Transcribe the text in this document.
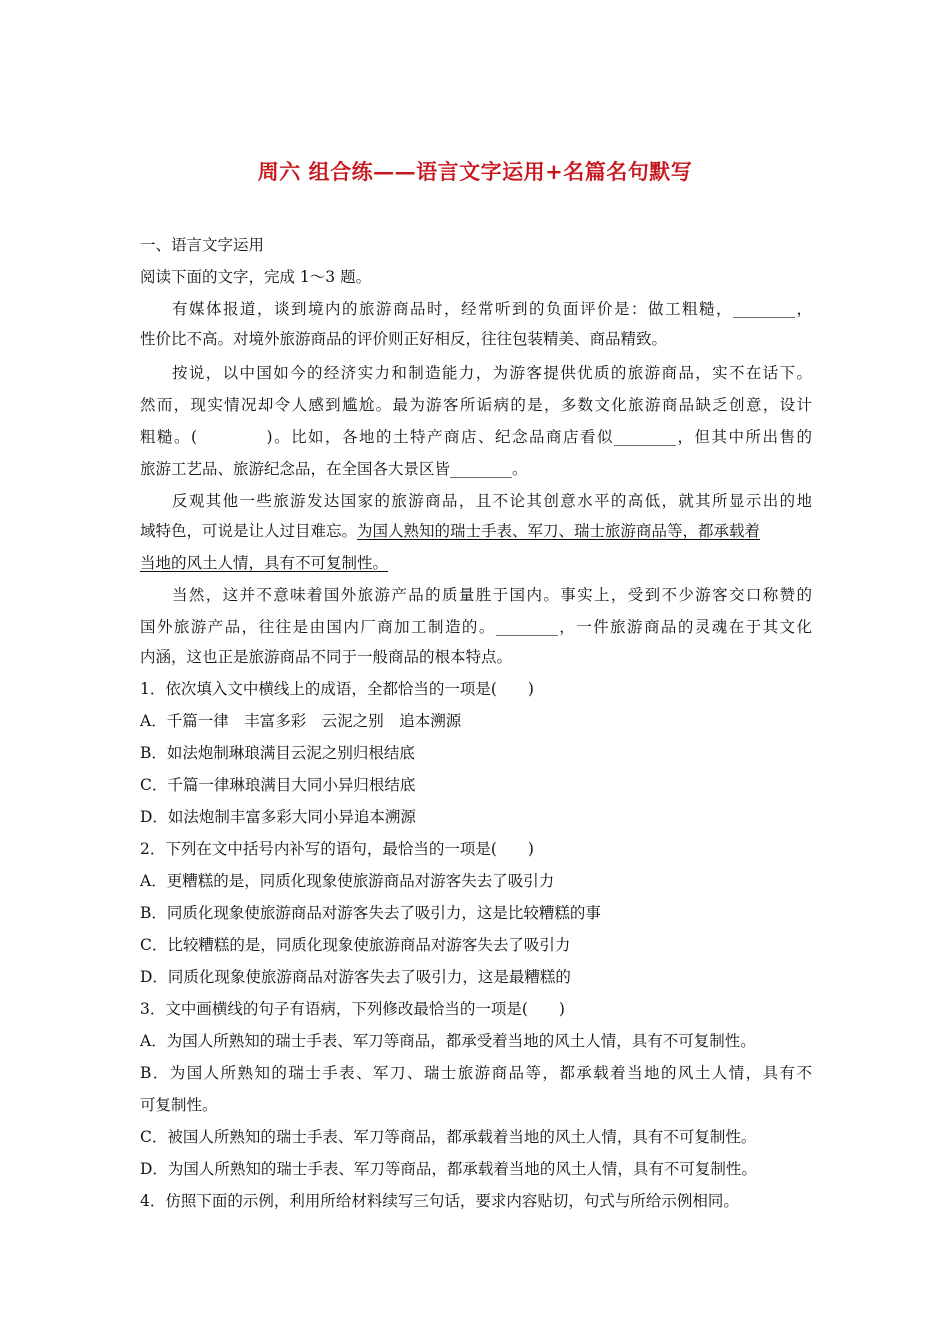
周六 组合练——语言文字运用+名篇名句默写
一、语言文字运用
阅读下面的文字，完成 1～3 题。
有媒体报道，谈到境内的旅游商品时，经常听到的负面评价是：做工粗糙，________，
性价比不高。对境外旅游商品的评价则正好相反，往往包装精美、商品精致。
按说，以中国如今的经济实力和制造能力，为游客提供优质的旅游商品，实不在话下。
然而，现实情况却令人感到尴尬。最为游客所诟病的是，多数文化旅游商品缺乏创意，设计
粗糙。(　　　　)。比如，各地的土特产商店、纪念品商店看似________，但其中所出售的
旅游工艺品、旅游纪念品，在全国各大景区皆________。
反观其他一些旅游发达国家的旅游商品，且不论其创意水平的高低，就其所显示出的地
域特色，可说是让人过目难忘。为国人熟知的瑞士手表、军刀、瑞士旅游商品等，都承载着
当地的风土人情，具有不可复制性。
当然，这并不意味着国外旅游产品的质量胜于国内。事实上，受到不少游客交口称赞的
国外旅游产品，往往是由国内厂商加工制造的。________，一件旅游商品的灵魂在于其文化
内涵，这也正是旅游商品不同于一般商品的根本特点。
1．依次填入文中横线上的成语，全都恰当的一项是(　　)
A．千篇一律　丰富多彩　云泥之别　追本溯源
B．如法炮制琳琅满目云泥之别归根结底
C．千篇一律琳琅满目大同小异归根结底
D．如法炮制丰富多彩大同小异追本溯源
2．下列在文中括号内补写的语句，最恰当的一项是(　　)
A．更糟糕的是，同质化现象使旅游商品对游客失去了吸引力
B．同质化现象使旅游商品对游客失去了吸引力，这是比较糟糕的事
C．比较糟糕的是，同质化现象使旅游商品对游客失去了吸引力
D．同质化现象使旅游商品对游客失去了吸引力，这是最糟糕的
3．文中画横线的句子有语病，下列修改最恰当的一项是(　　)
A．为国人所熟知的瑞士手表、军刀等商品，都承受着当地的风土人情，具有不可复制性。
B．为国人所熟知的瑞士手表、军刀、瑞士旅游商品等，都承载着当地的风土人情，具有不
可复制性。
C．被国人所熟知的瑞士手表、军刀等商品，都承载着当地的风土人情，具有不可复制性。
D．为国人所熟知的瑞士手表、军刀等商品，都承载着当地的风土人情，具有不可复制性。
4．仿照下面的示例，利用所给材料续写三句话，要求内容贴切，句式与所给示例相同。
